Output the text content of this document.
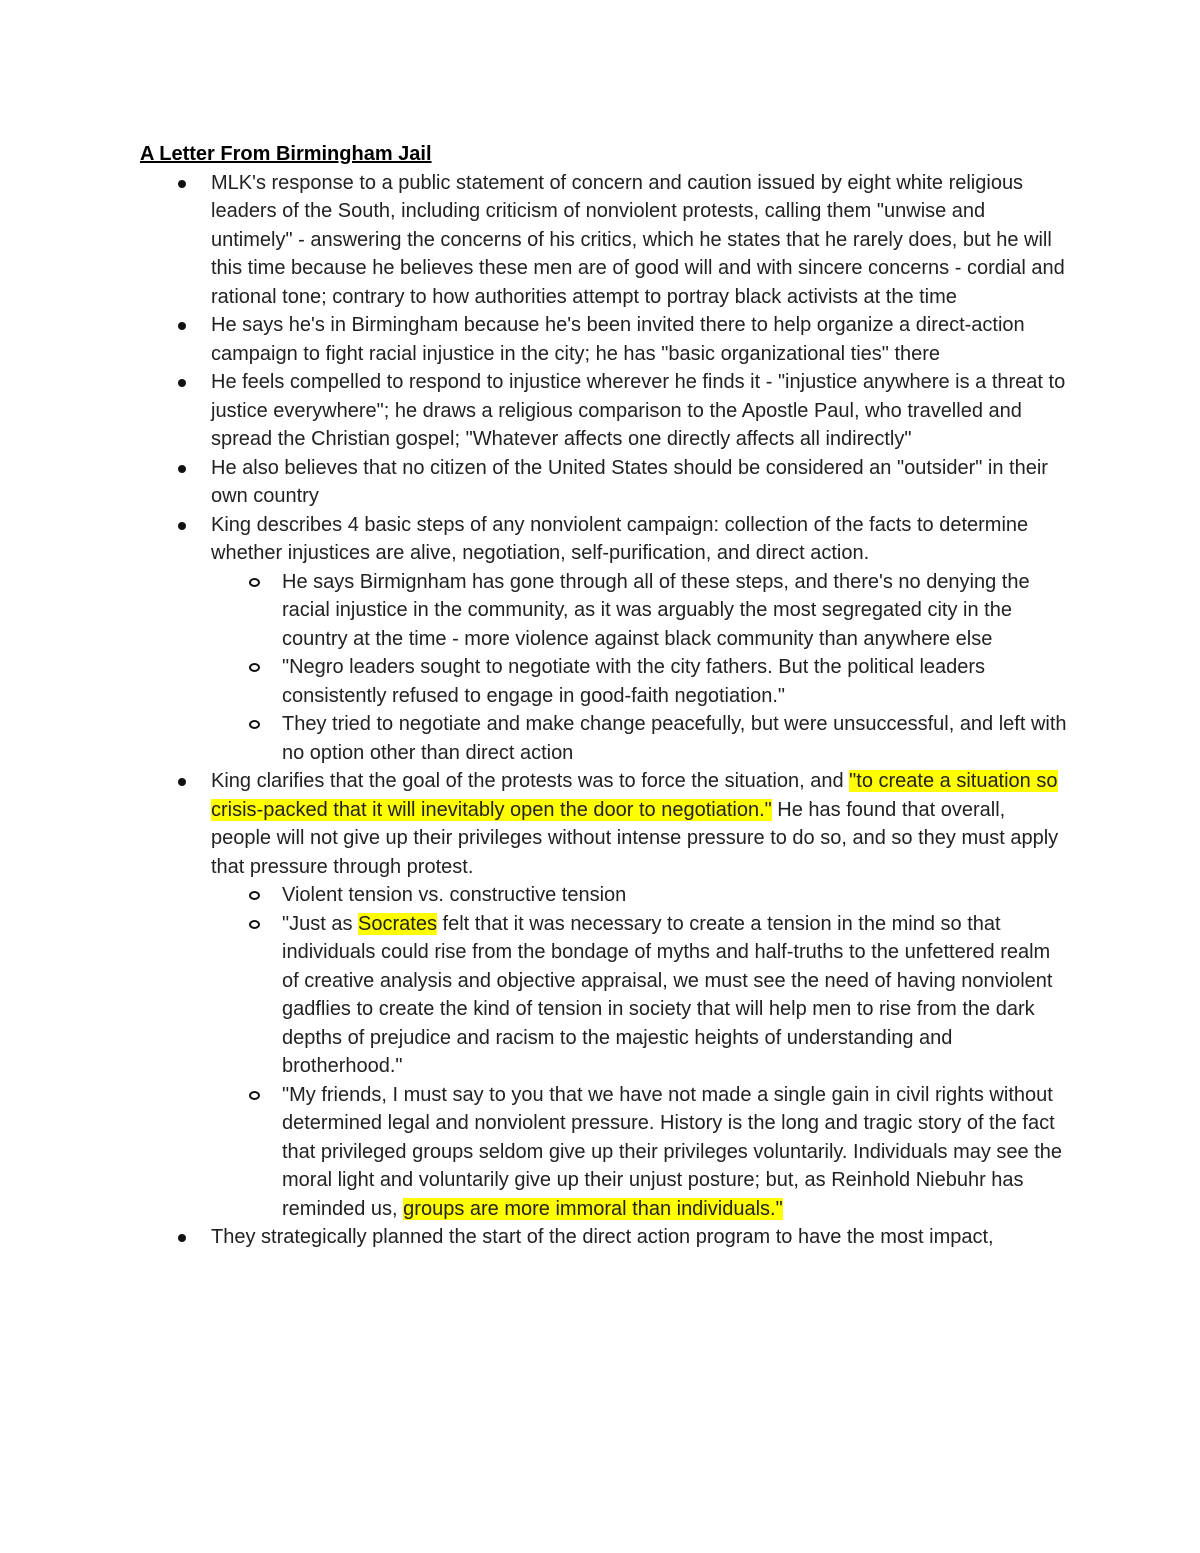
A Letter From Birmingham Jail
MLK's response to a public statement of concern and caution issued by eight white religious leaders of the South, including criticism of nonviolent protests, calling them "unwise and untimely" - answering the concerns of his critics, which he states that he rarely does, but he will this time because he believes these men are of good will and with sincere concerns - cordial and rational tone; contrary to how authorities attempt to portray black activists at the time
He says he's in Birmingham because he's been invited there to help organize a direct-action campaign to fight racial injustice in the city; he has "basic organizational ties" there
He feels compelled to respond to injustice wherever he finds it - "injustice anywhere is a threat to justice everywhere"; he draws a religious comparison to the Apostle Paul, who travelled and spread the Christian gospel; "Whatever affects one directly affects all indirectly"
He also believes that no citizen of the United States should be considered an "outsider" in their own country
King describes 4 basic steps of any nonviolent campaign: collection of the facts to determine whether injustices are alive, negotiation, self-purification, and direct action.
He says Birmignham has gone through all of these steps, and there's no denying the racial injustice in the community, as it was arguably the most segregated city in the country at the time - more violence against black community than anywhere else
"Negro leaders sought to negotiate with the city fathers. But the political leaders consistently refused to engage in good-faith negotiation."
They tried to negotiate and make change peacefully, but were unsuccessful, and left with no option other than direct action
King clarifies that the goal of the protests was to force the situation, and "to create a situation so crisis-packed that it will inevitably open the door to negotiation." He has found that overall, people will not give up their privileges without intense pressure to do so, and so they must apply that pressure through protest.
Violent tension vs. constructive tension
"Just as Socrates felt that it was necessary to create a tension in the mind so that individuals could rise from the bondage of myths and half-truths to the unfettered realm of creative analysis and objective appraisal, we must see the need of having nonviolent gadflies to create the kind of tension in society that will help men to rise from the dark depths of prejudice and racism to the majestic heights of understanding and brotherhood."
"My friends, I must say to you that we have not made a single gain in civil rights without determined legal and nonviolent pressure. History is the long and tragic story of the fact that privileged groups seldom give up their privileges voluntarily. Individuals may see the moral light and voluntarily give up their unjust posture; but, as Reinhold Niebuhr has reminded us, groups are more immoral than individuals."
They strategically planned the start of the direct action program to have the most impact,
